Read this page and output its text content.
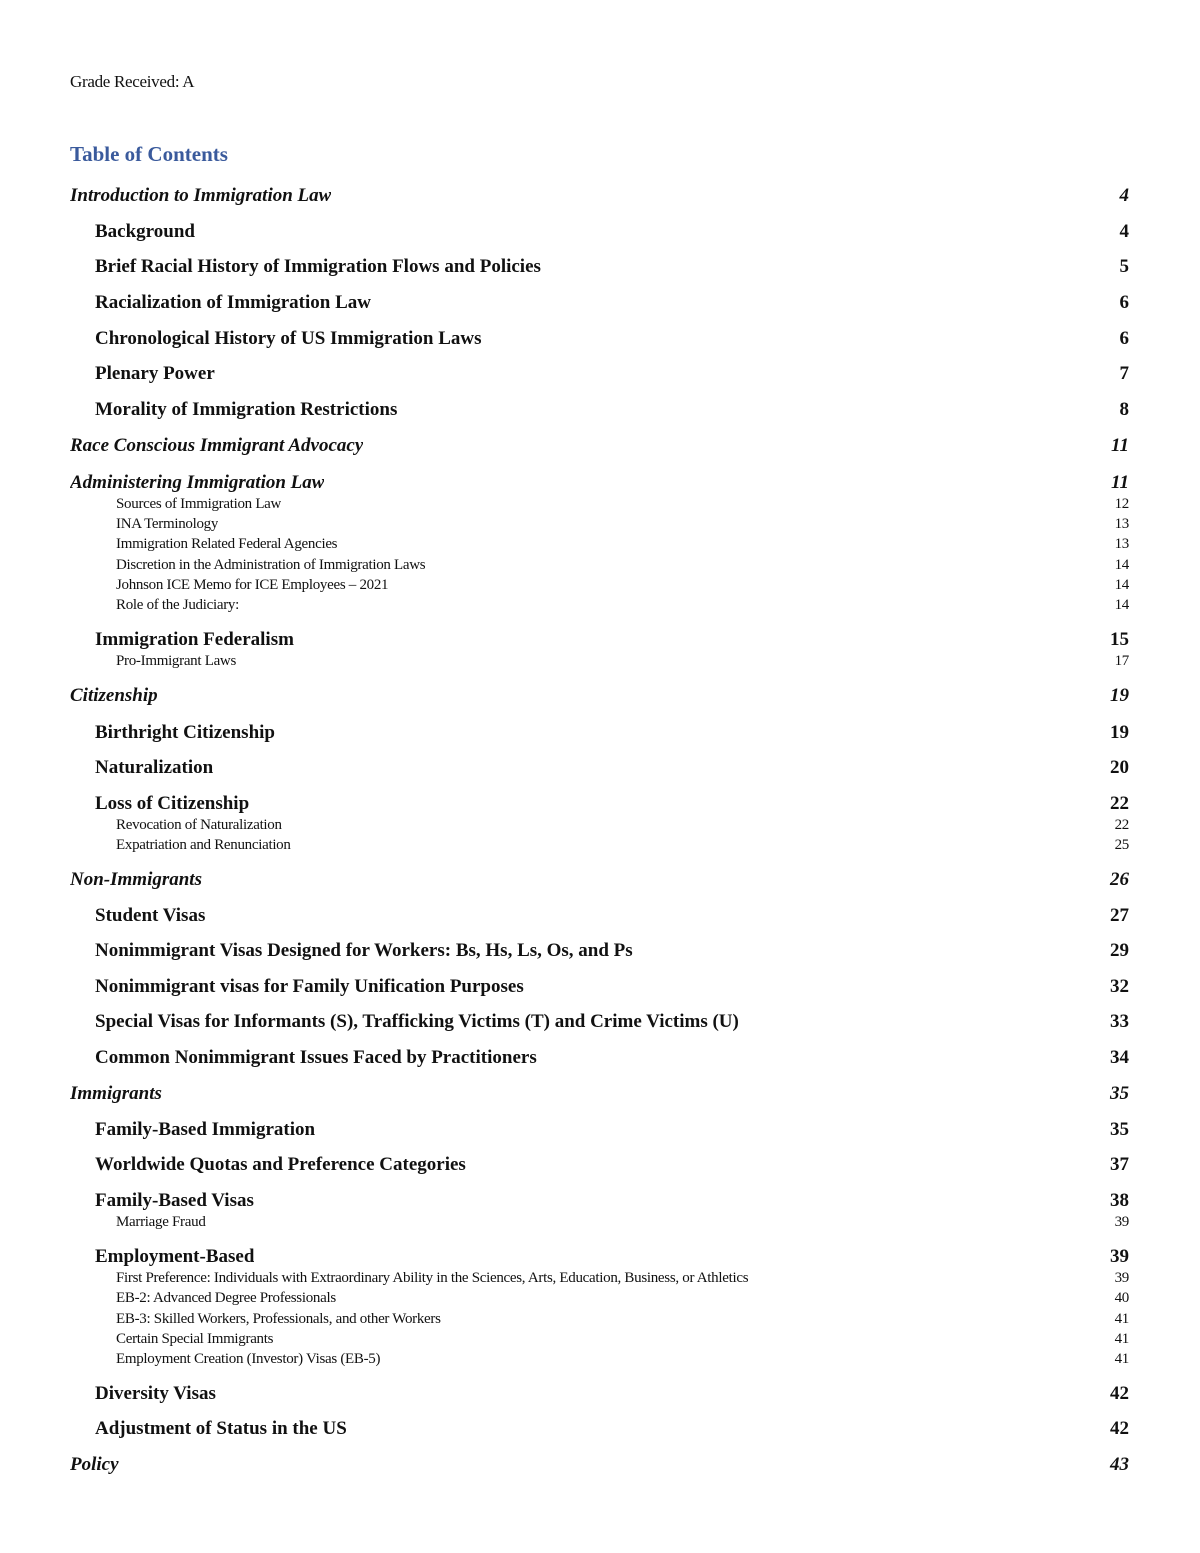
Grade Received: A
Table of Contents
Introduction to Immigration Law	4
Background	4
Brief Racial History of Immigration Flows and Policies	5
Racialization of Immigration Law	6
Chronological History of US Immigration Laws	6
Plenary Power	7
Morality of Immigration Restrictions	8
Race Conscious Immigrant Advocacy	11
Administering Immigration Law	11
Sources of Immigration Law	12
INA Terminology	13
Immigration Related Federal Agencies	13
Discretion in the Administration of Immigration Laws	14
Johnson ICE Memo for ICE Employees – 2021	14
Role of the Judiciary:	14
Immigration Federalism	15
Pro-Immigrant Laws	17
Citizenship	19
Birthright Citizenship	19
Naturalization	20
Loss of Citizenship	22
Revocation of Naturalization	22
Expatriation and Renunciation	25
Non-Immigrants	26
Student Visas	27
Nonimmigrant Visas Designed for Workers: Bs, Hs, Ls, Os, and Ps	29
Nonimmigrant visas for Family Unification Purposes	32
Special Visas for Informants (S), Trafficking Victims (T) and Crime Victims (U)	33
Common Nonimmigrant Issues Faced by Practitioners	34
Immigrants	35
Family-Based Immigration	35
Worldwide Quotas and Preference Categories	37
Family-Based Visas	38
Marriage Fraud	39
Employment-Based	39
First Preference: Individuals with Extraordinary Ability in the Sciences, Arts, Education, Business, or Athletics	39
EB-2: Advanced Degree Professionals	40
EB-3: Skilled Workers, Professionals, and other Workers	41
Certain Special Immigrants	41
Employment Creation (Investor) Visas (EB-5)	41
Diversity Visas	42
Adjustment of Status in the US	42
Policy	43
